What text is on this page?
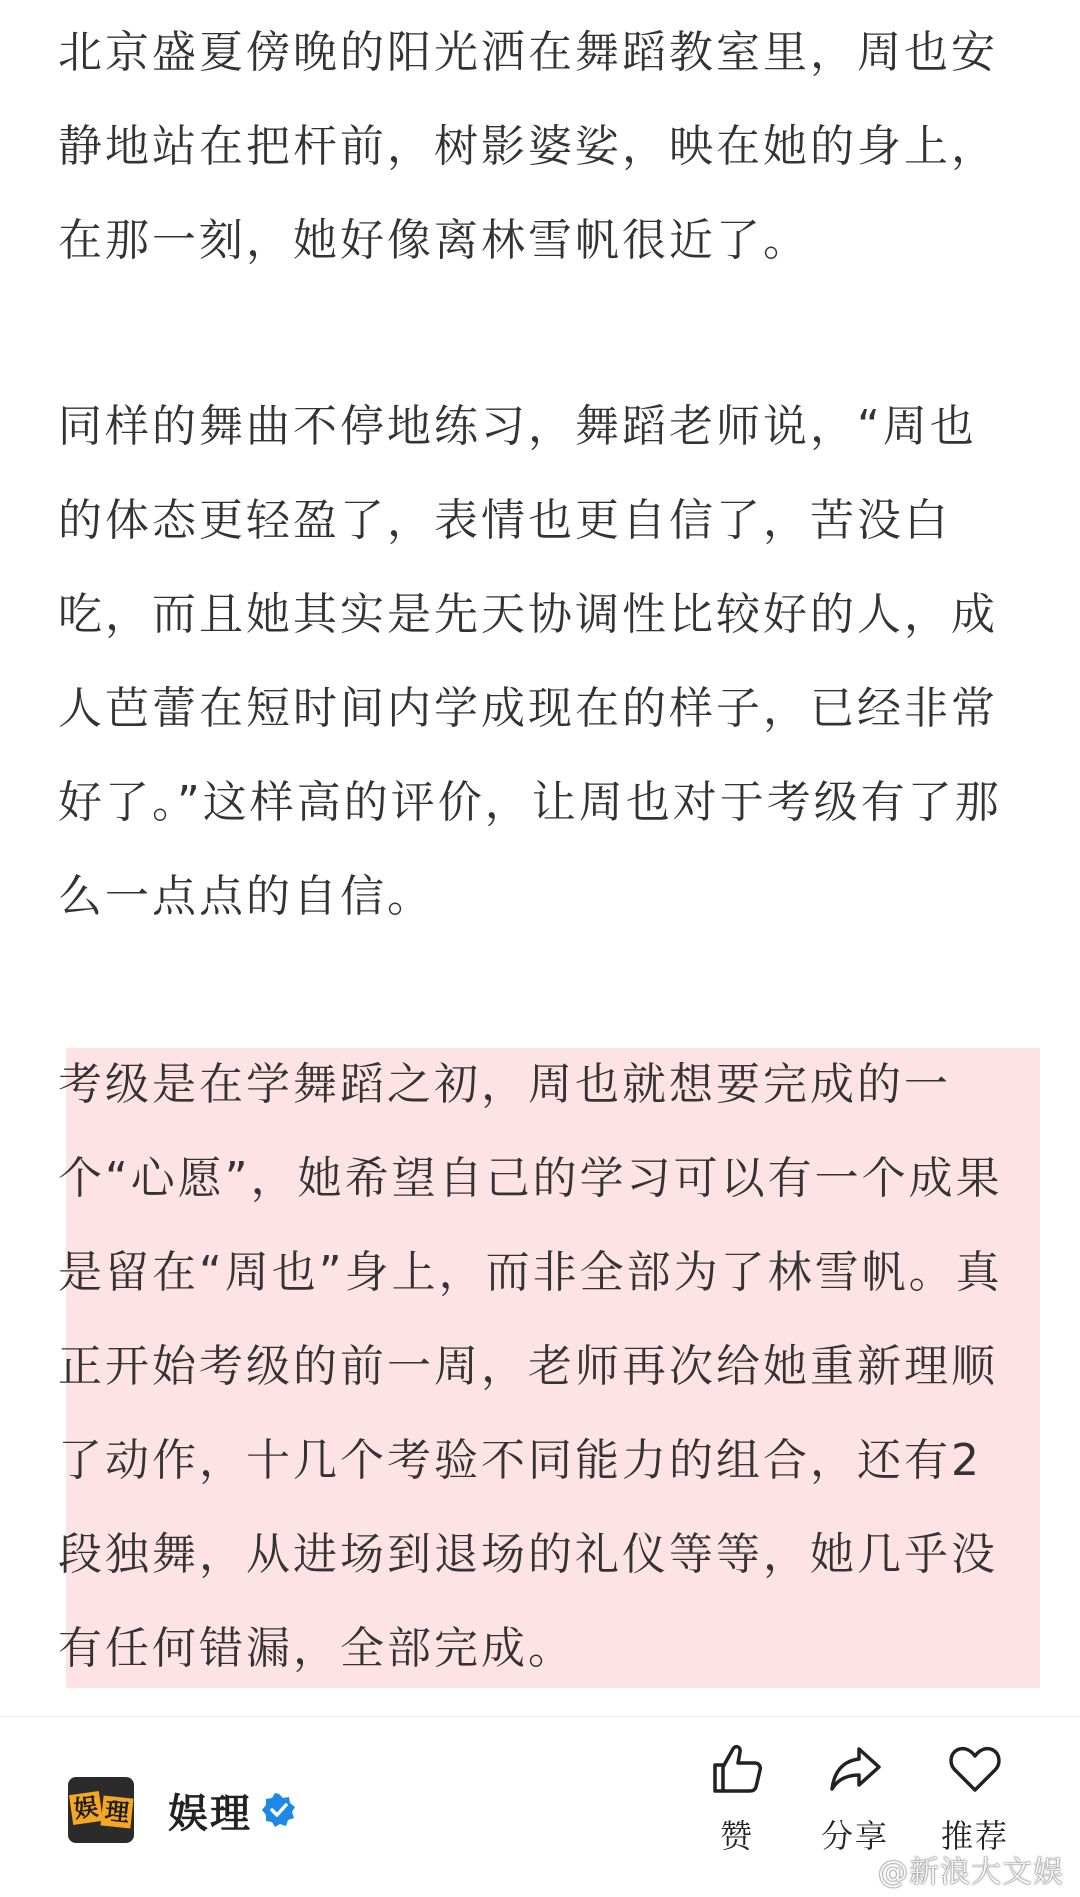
北京盛夏傍晚的阳光洒在舞蹈教室里，周也安静地站在把杆前，树影婆娑，映在她的身上，在那一刻，她好像离林雪帆很近了。

同样的舞曲不停地练习，舞蹈老师说，“周也的体态更轻盈了，表情也更自信了，苦没白吃，而且她其实是先天协调性比较好的人，成人芭蕾在短时间内学成现在的样子，已经非常好了。”这样高的评价，让周也对于考级有了那么一点点的自信。

考级是在学舞蹈之初，周也就想要完成的一个“心愿”，她希望自己的学习可以有一个成果是留在“周也”身上，而非全部为了林雪帆。真正开始考级的前一周，老师再次给她重新理顺了动作，十几个考验不同能力的组合，还有2段独舞，从进场到退场的礼仪等等，她几乎没有任何错漏，全部完成。

娱 理 娱理	赞	分享	推荐
@新浪大文娱
